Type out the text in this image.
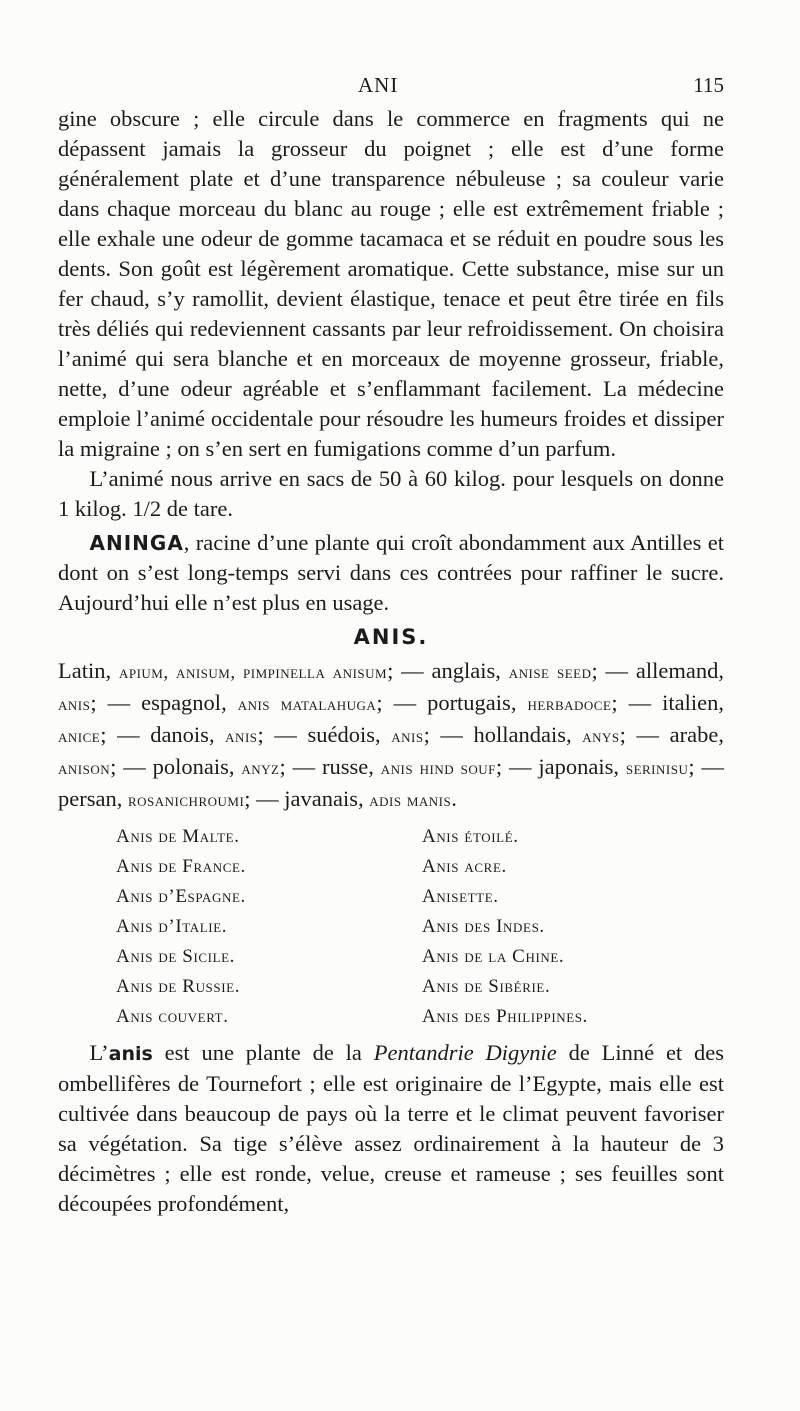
ANI	115

gine obscure ; elle circule dans le commerce en fragments qui ne dépassent jamais la grosseur du poignet ; elle est d’une forme généralement plate et d’une transparence nébuleuse ; sa couleur varie dans chaque morceau du blanc au rouge ; elle est extrêmement friable ; elle exhale une odeur de gomme tacamaca et se réduit en poudre sous les dents. Son goût est légèrement aromatique. Cette substance, mise sur un fer chaud, s’y ramollit, devient élastique, tenace et peut être tirée en fils très déliés qui redeviennent cassants par leur refroidissement. On choisira l’animé qui sera blanche et en morceaux de moyenne grosseur, friable, nette, d’une odeur agréable et s’enflammant facilement. La médecine emploie l’animé occidentale pour résoudre les humeurs froides et dissiper la migraine ; on s’en sert en fumigations comme d’un parfum.

L’animé nous arrive en sacs de 50 à 60 kilog. pour lesquels on donne 1 kilog. 1/2 de tare.

ANINGA, racine d’une plante qui croît abondamment aux Antilles et dont on s’est long-temps servi dans ces contrées pour raffiner le sucre. Aujourd’hui elle n’est plus en usage.

ANIS.

Latin, apium, anisum, pimpinella anisum; — anglais, anise seed; — allemand, anis; — espagnol, anis matalahuga; — portugais, herbadoce; — italien, anice; — danois, anis; — suédois, anis; — hollandais, anys; — arabe, anison; — polonais, anyz; — russe, anis hind souf; — japonais, serinisu; — persan, rosanichroumi; — javanais, adis manis.

Anis de Malte.	Anis étoilé.
Anis de France.	Anis acre.
Anis d’Espagne.	Anisette.
Anis d’Italie.	Anis des Indes.
Anis de Sicile.	Anis de la Chine.
Anis de Russie.	Anis de Sibérie.
Anis couvert.	Anis des Philippines.

L’anis est une plante de la Pentandrie Digynie de Linné et des ombellifères de Tournefort ; elle est originaire de l’Egypte, mais elle est cultivée dans beaucoup de pays où la terre et le climat peuvent favoriser sa végétation. Sa tige s’élève assez ordinairement à la hauteur de 3 décimètres ; elle est ronde, velue, creuse et rameuse ; ses feuilles sont découpées profondément,
